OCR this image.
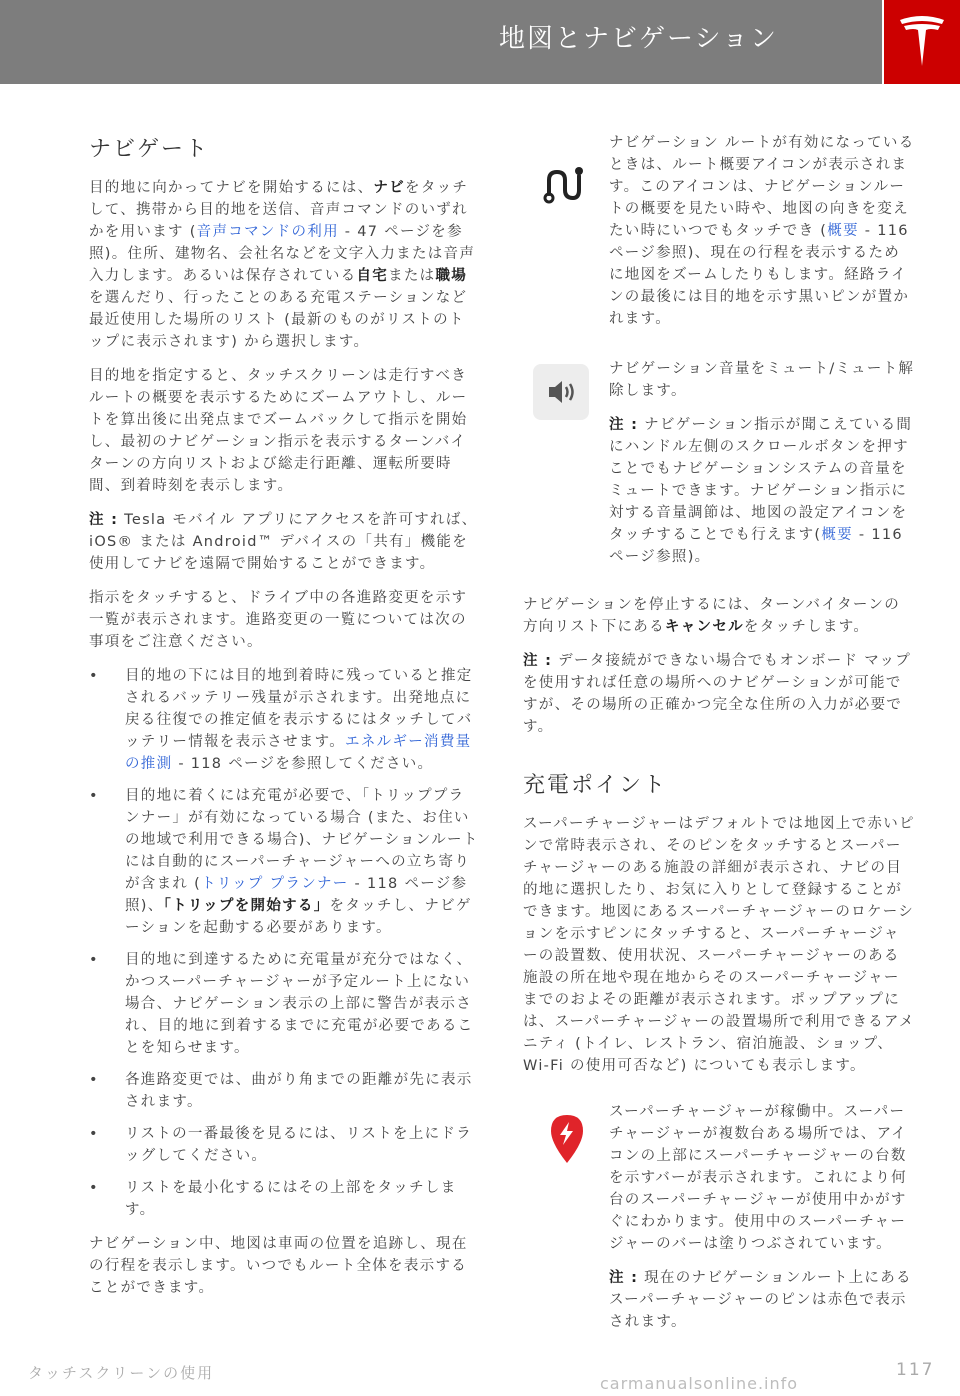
地図とナビゲーション
ナビゲート

目的地に向かってナビを開始するには、ナビをタッチして、携帯から目的地を送信、音声コマンドのいずれかを用います (音声コマンドの利用 - 47 ページを参照)。住所、建物名、会社名などを文字入力または音声入力します。あるいは保存されている自宅または職場を選んだり、行ったことのある充電ステーションなど最近使用した場所のリスト (最新のものがリストのトップに表示されます) から選択します。

目的地を指定すると、タッチスクリーンは走行すべきルートの概要を表示するためにズームアウトし、ルートを算出後に出発点までズームバックして指示を開始し、最初のナビゲーション指示を表示するターンバイターンの方向リストおよび総走行距離、運転所要時間、到着時刻を表示します。

注 : Tesla モバイル アプリにアクセスを許可すれば、iOS® または Android™ デバイスの「共有」機能を使用してナビを遠隔で開始することができます。

指示をタッチすると、ドライブ中の各進路変更を示す一覧が表示されます。進路変更の一覧については次の事項をご注意ください。

• 目的地の下には目的地到着時に残っていると推定されるバッテリー残量が示されます。出発地点に戻る往復での推定値を表示するにはタッチしてバッテリー情報を表示させます。エネルギー消費量の推測 - 118 ページを参照してください。
• 目的地に着くには充電が必要で、「トリッププランナー」が有効になっている場合 (また、お住いの地域で利用できる場合)、ナビゲーションルートには自動的にスーパーチャージャーへの立ち寄りが含まれ (トリップ プランナー - 118 ページ参照)、「トリップを開始する」をタッチし、ナビゲーションを起動する必要があります。
• 目的地に到達するために充電量が充分ではなく、かつスーパーチャージャーが予定ルート上にない場合、ナビゲーション表示の上部に警告が表示され、目的地に到着するまでに充電が必要であることを知らせます。
• 各進路変更では、曲がり角までの距離が先に表示されます。
• リストの一番最後を見るには、リストを上にドラッグしてください。
• リストを最小化するにはその上部をタッチします。

ナビゲーション中、地図は車両の位置を追跡し、現在の行程を表示します。いつでもルート全体を表示することができます。

ナビゲーション ルートが有効になっているときは、ルート概要アイコンが表示されます。このアイコンは、ナビゲーションルートの概要を見たい時や、地図の向きを変えたい時にいつでもタッチでき (概要 - 116 ページ参照)、現在の行程を表示するために地図をズームしたりもします。経路ラインの最後には目的地を示す黒いピンが置かれます。

ナビゲーション音量をミュート/ミュート解除します。

注 : ナビゲーション指示が聞こえている間にハンドル左側のスクロールボタンを押すことでもナビゲーションシステムの音量をミュートできます。ナビゲーション指示に対する音量調節は、地図の設定アイコンをタッチすることでも行えます(概要 - 116 ページ参照)。

ナビゲーションを停止するには、ターンバイターンの方向リスト下にあるキャンセルをタッチします。

注 : データ接続ができない場合でもオンボード マップを使用すれば任意の場所へのナビゲーションが可能ですが、その場所の正確かつ完全な住所の入力が必要です。

充電ポイント

スーパーチャージャーはデフォルトでは地図上で赤いピンで常時表示され、そのピンをタッチするとスーパーチャージャーのある施設の詳細が表示され、ナビの目的地に選択したり、お気に入りとして登録することができます。地図にあるスーパーチャージャーのロケーションを示すピンにタッチすると、スーパーチャージャーの設置数、使用状況、スーパーチャージャーのある施設の所在地や現在地からそのスーパーチャージャーまでのおよその距離が表示されます。ポップアップには、スーパーチャージャーの設置場所で利用できるアメニティ (トイレ、レストラン、宿泊施設、ショップ、Wi-Fi の使用可否など) についても表示します。

スーパーチャージャーが稼働中。スーパーチャージャーが複数台ある場所では、アイコンの上部にスーパーチャージャーの台数を示すバーが表示されます。これにより何台のスーパーチャージャーが使用中かがすぐにわかります。使用中のスーパーチャージャーのバーは塗りつぶされています。

注 : 現在のナビゲーションルート上にあるスーパーチャージャーのピンは赤色で表示されます。

タッチスクリーンの使用
carmanualsonline.info
117
